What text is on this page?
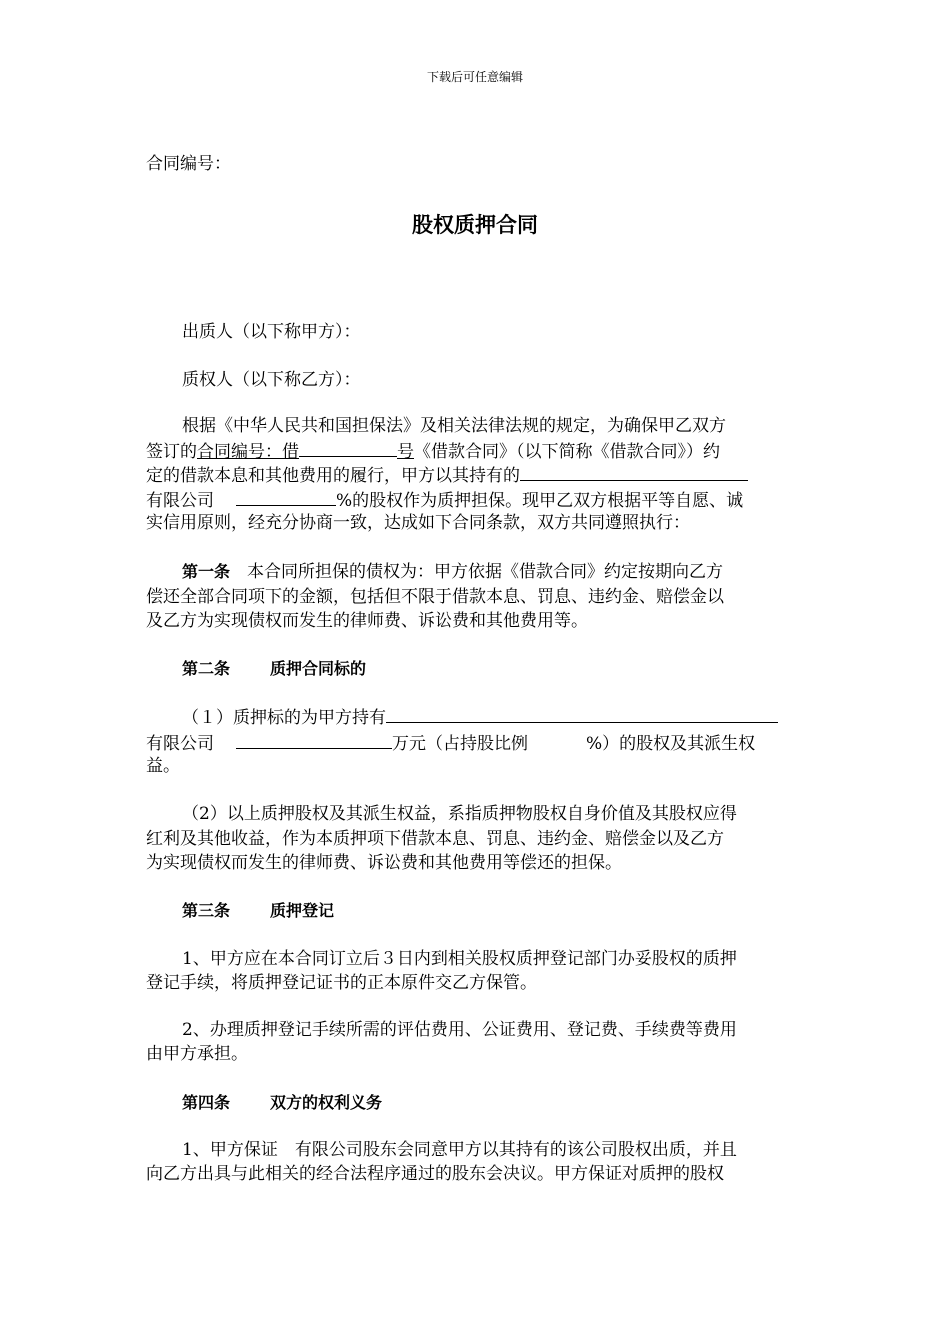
下载后可任意编辑
合同编号：
股权质押合同
出质人（以下称甲方）：
质权人（以下称乙方）：
根据《中华人民共和国担保法》及相关法律法规的规定，为确保甲乙双方
签订的合同编号：借	号《借款合同》（以下简称《借款合同》）约
定的借款本息和其他费用的履行，甲方以其持有的
有限公司	%的股权作为质押担保。现甲乙双方根据平等自愿、诚
实信用原则，经充分协商一致，达成如下合同条款，双方共同遵照执行：
第一条　 本合同所担保的债权为：甲方依据《借款合同》约定按期向乙方
偿还全部合同项下的金额，包括但不限于借款本息、罚息、违约金、赔偿金以
及乙方为实现债权而发生的律师费、诉讼费和其他费用等。
第二条	质押合同标的
（１）质押标的为甲方持有
有限公司	万元（占持股比例	%）的股权及其派生权
益。
（2）以上质押股权及其派生权益，系指质押物股权自身价值及其股权应得
红利及其他收益，作为本质押项下借款本息、罚息、违约金、赔偿金以及乙方
为实现债权而发生的律师费、诉讼费和其他费用等偿还的担保。
第三条	质押登记
1、甲方应在本合同订立后３日内到相关股权质押登记部门办妥股权的质押
登记手续，将质押登记证书的正本原件交乙方保管。
2、办理质押登记手续所需的评估费用、公证费用、登记费、手续费等费用
由甲方承担。
第四条	双方的权利义务
1、甲方保证　有限公司股东会同意甲方以其持有的该公司股权出质，并且
向乙方出具与此相关的经合法程序通过的股东会决议。甲方保证对质押的股权
